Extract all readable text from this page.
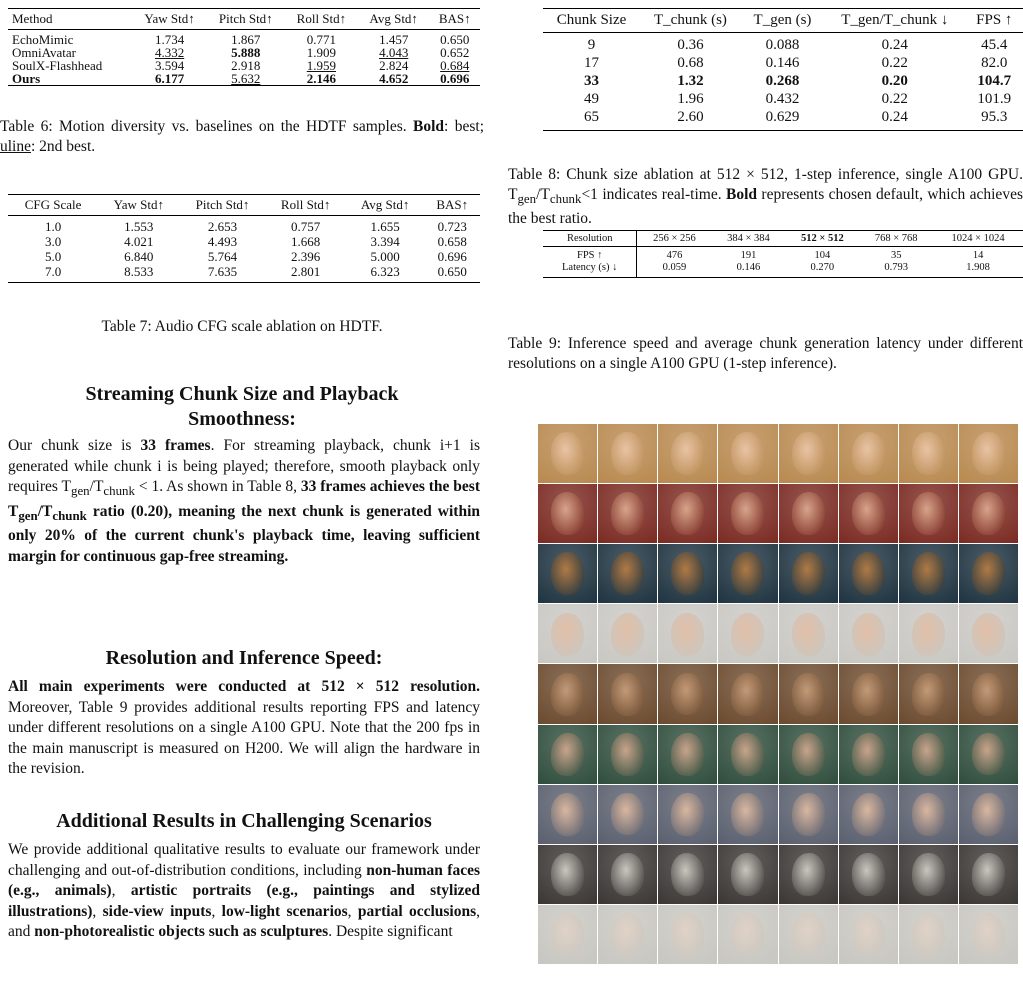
Method	Yaw Std↑	Pitch Std↑	Roll Std↑	Avg Std↑	BAS↑
EchoMimic	1.734	1.867	0.771	1.457	0.650
OmniAvatar	4.332	5.888	1.909	4.043	0.652
SoulX-Flashhead	3.594	2.918	1.959	2.824	0.684
Ours	6.177	5.632	2.146	4.652	0.696
Table 6: Motion diversity vs. baselines on the HDTF samples. Bold: best; uline: 2nd best.
CFG Scale	Yaw Std↑	Pitch Std↑	Roll Std↑	Avg Std↑	BAS↑
1.0	1.553	2.653	0.757	1.655	0.723
3.0	4.021	4.493	1.668	3.394	0.658
5.0	6.840	5.764	2.396	5.000	0.696
7.0	8.533	7.635	2.801	6.323	0.650
Table 7: Audio CFG scale ablation on HDTF.
Streaming Chunk Size and Playback Smoothness:
Our chunk size is 33 frames. For streaming playback, chunk i+1 is generated while chunk i is being played; therefore, smooth playback only requires $T_{gen}/T_{chunk} < 1$. As shown in Table 8, 33 frames achieves the best $T_{gen}/T_{chunk}$ ratio (0.20), meaning the next chunk is generated within only 20% of the current chunk's playback time, leaving sufficient margin for continuous gap-free streaming.
Resolution and Inference Speed:
All main experiments were conducted at 512 × 512 resolution. Moreover, Table 9 provides additional results reporting FPS and latency under different resolutions on a single A100 GPU. Note that the 200 fps in the main manuscript is measured on H200. We will align the hardware in the revision.
Additional Results in Challenging Scenarios
We provide additional qualitative results to evaluate our framework under challenging and out-of-distribution conditions, including non-human faces (e.g., animals), artistic portraits (e.g., paintings and stylized illustrations), side-view inputs, low-light scenarios, partial occlusions, and non-photorealistic objects such as sculptures. Despite significant
Chunk Size	T_chunk (s)	T_gen (s)	T_gen/T_chunk ↓	FPS ↑
9	0.36	0.088	0.24	45.4
17	0.68	0.146	0.22	82.0
33	1.32	0.268	0.20	104.7
49	1.96	0.432	0.22	101.9
65	2.60	0.629	0.24	95.3
Table 8: Chunk size ablation at 512 × 512, 1-step inference, single A100 GPU. $T_{gen}/T_{chunk}<1$ indicates real-time. Bold represents chosen default, which achieves the best ratio.
Resolution	256 × 256	384 × 384	512 × 512	768 × 768	1024 × 1024
FPS ↑	476	191	104	35	14
Latency (s) ↓	0.059	0.146	0.270	0.793	1.908
Table 9: Inference speed and average chunk generation latency under different resolutions on a single A100 GPU (1-step inference).
